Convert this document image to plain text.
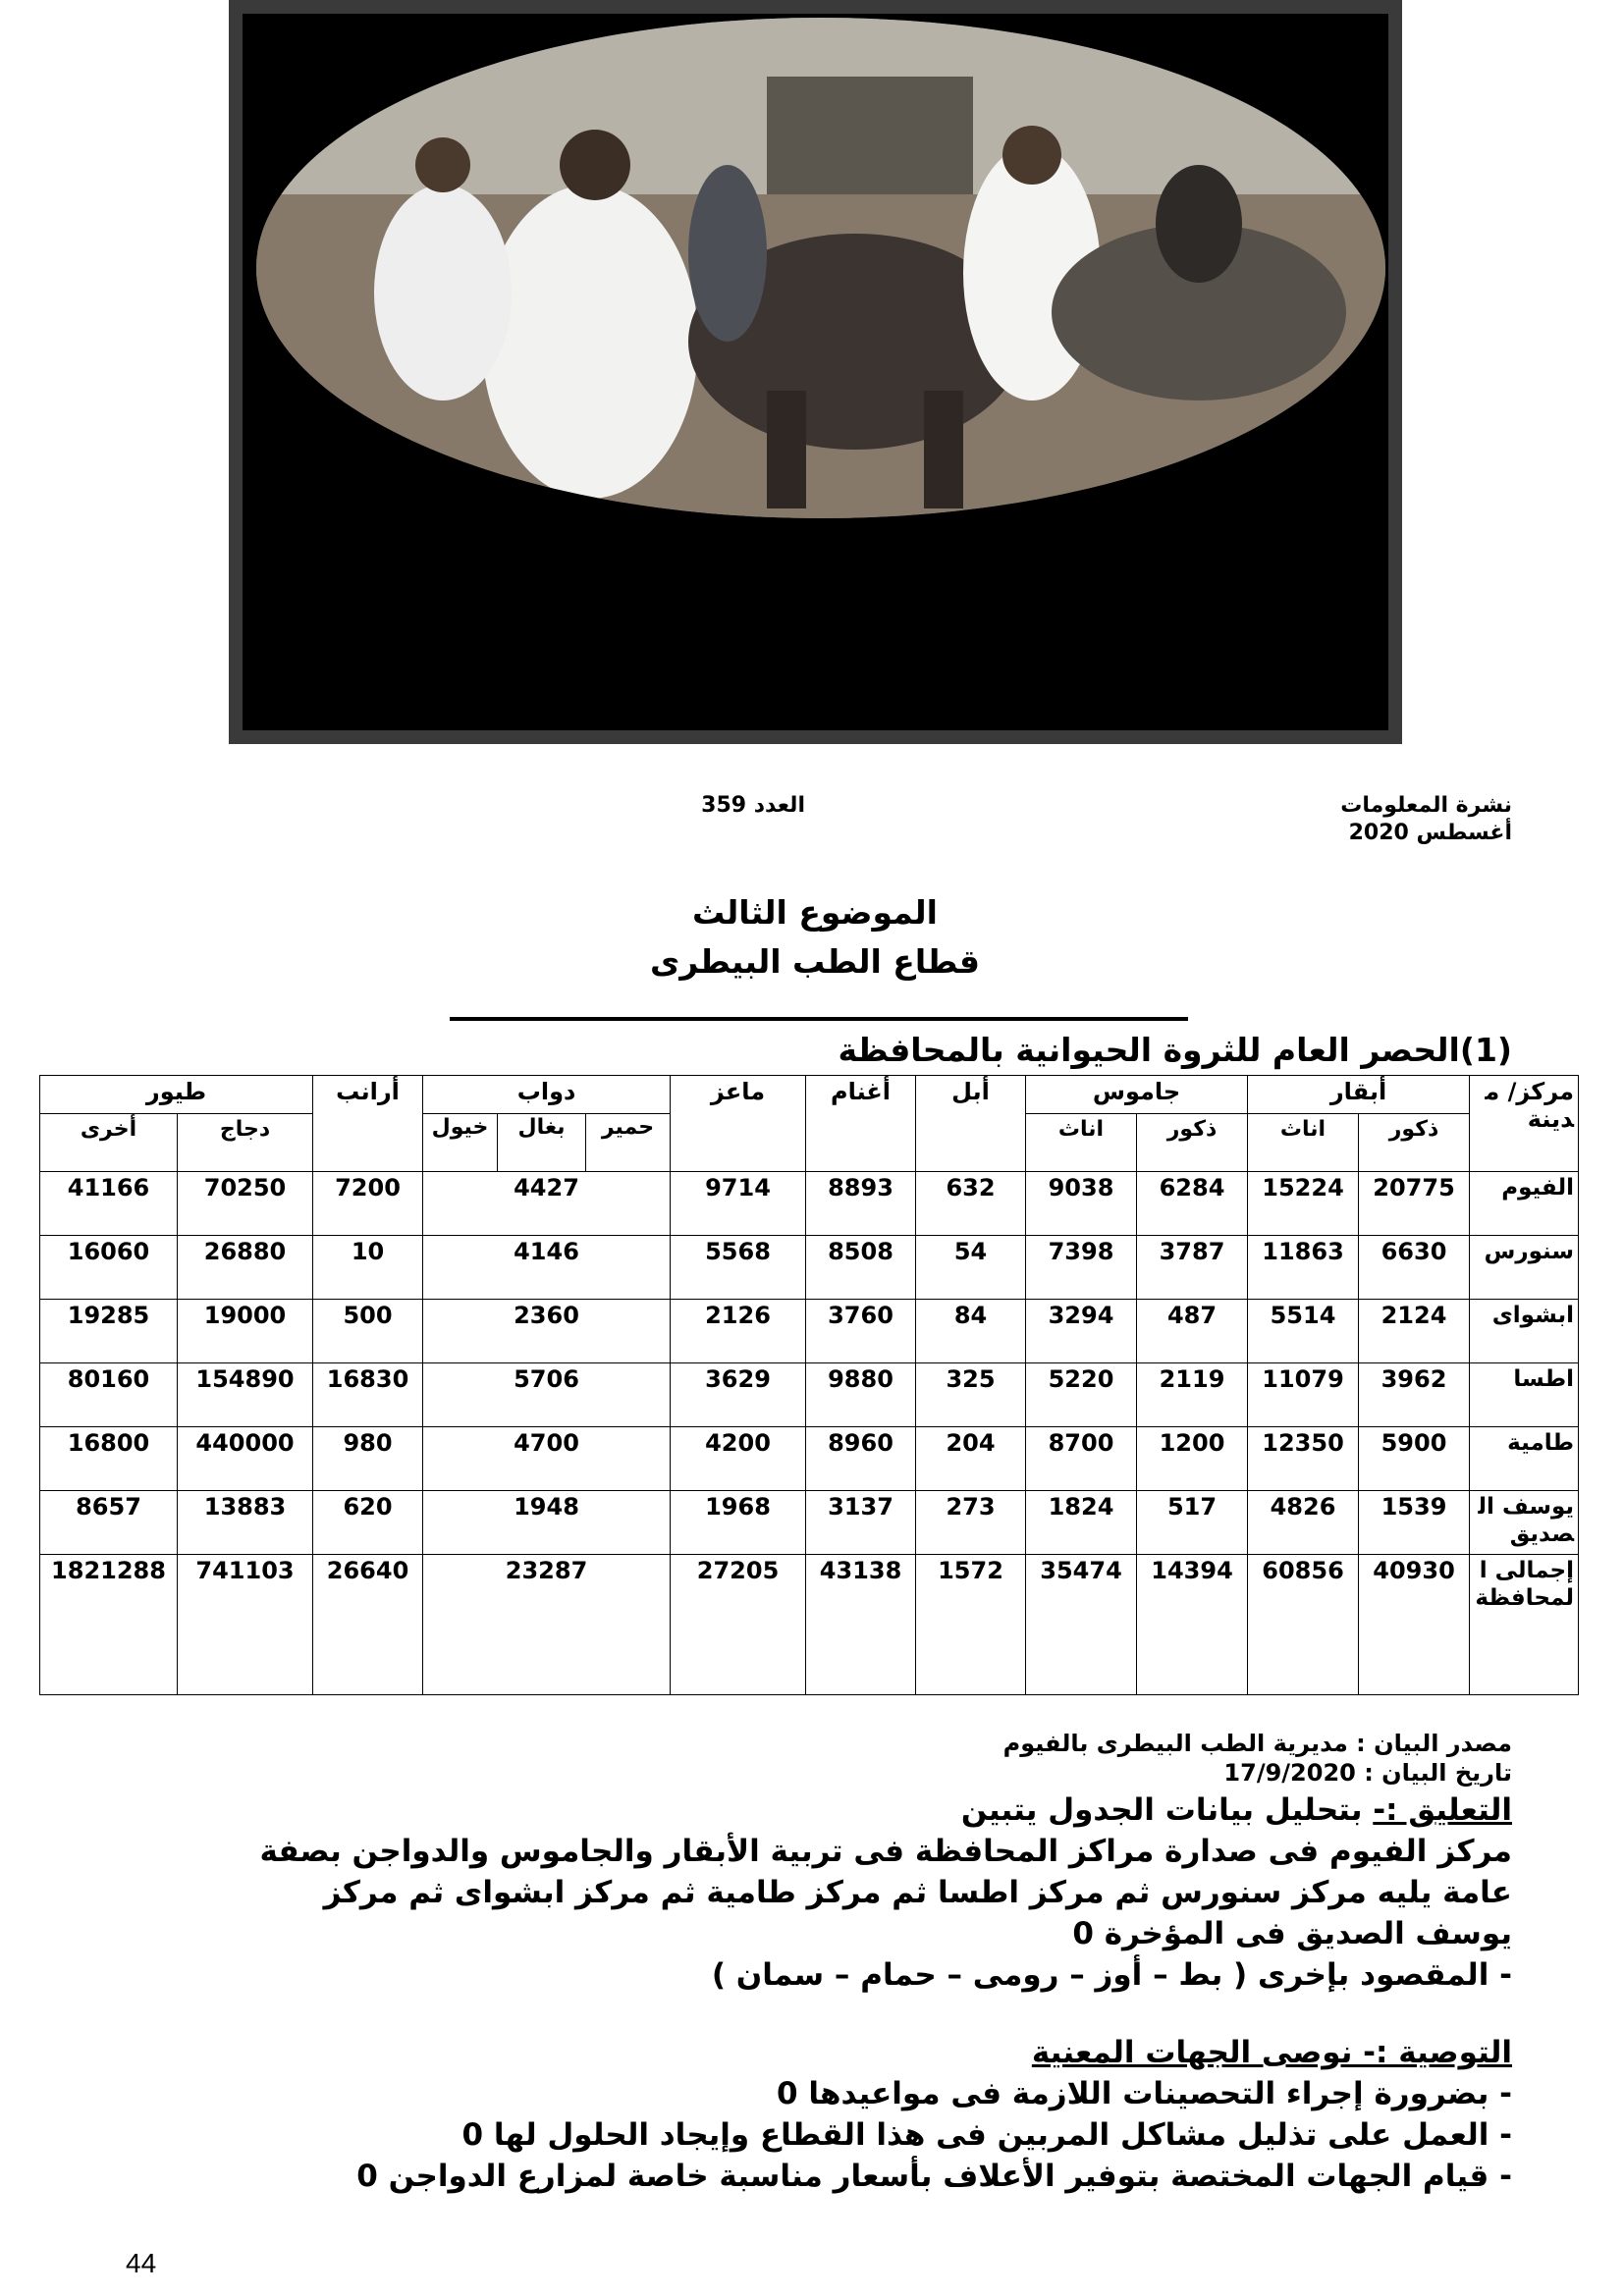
نشرة المعلومات
أغسطس 2020
العدد 359
الموضوع الثالث
قطاع الطب البيطرى
(1)الحصر العام للثروة الحيوانية بالمحافظة
طيور		أرانب	دواب			ماعز	أغنام	أبل	جاموس		أبقار		مركز/ مدينة
أخرى	دجاج		خيول	بغال	حمير				اناث	ذكور	اناث	ذكور	
41166	70250	7200	4427			9714	8893	632	9038	6284	15224	20775	الفيوم
16060	26880	10	4146			5568	8508	54	7398	3787	11863	6630	سنورس
19285	19000	500	2360			2126	3760	84	3294	487	5514	2124	ابشواى
80160	154890	16830	5706			3629	9880	325	5220	2119	11079	3962	اطسا
16800	440000	980	4700			4200	8960	204	8700	1200	12350	5900	طامية
8657	13883	620	1948			1968	3137	273	1824	517	4826	1539	يوسف الصديق
1821288	741103	26640	23287			27205	43138	1572	35474	14394	60856	40930	إجمالى المحافظة
مصدر البيان : مديرية الطب البيطرى بالفيوم
تاريخ البيان : 17/9/2020
التعليق :- بتحليل بيانات الجدول يتبين
مركز الفيوم فى صدارة مراكز المحافظة فى تربية الأبقار والجاموس والدواجن بصفة
عامة يليه مركز سنورس ثم مركز اطسا ثم مركز طامية ثم مركز ابشواى ثم مركز
يوسف الصديق فى المؤخرة 0
- المقصود بإخرى ( بط – أوز – رومى – حمام – سمان )
التوصية :- نوصى الجهات المعنية
- بضرورة إجراء التحصينات اللازمة فى مواعيدها 0
- العمل على تذليل مشاكل المربين فى هذا القطاع وإيجاد الحلول لها 0
- قيام الجهات المختصة بتوفير الأعلاف بأسعار مناسبة خاصة لمزارع الدواجن 0
44
